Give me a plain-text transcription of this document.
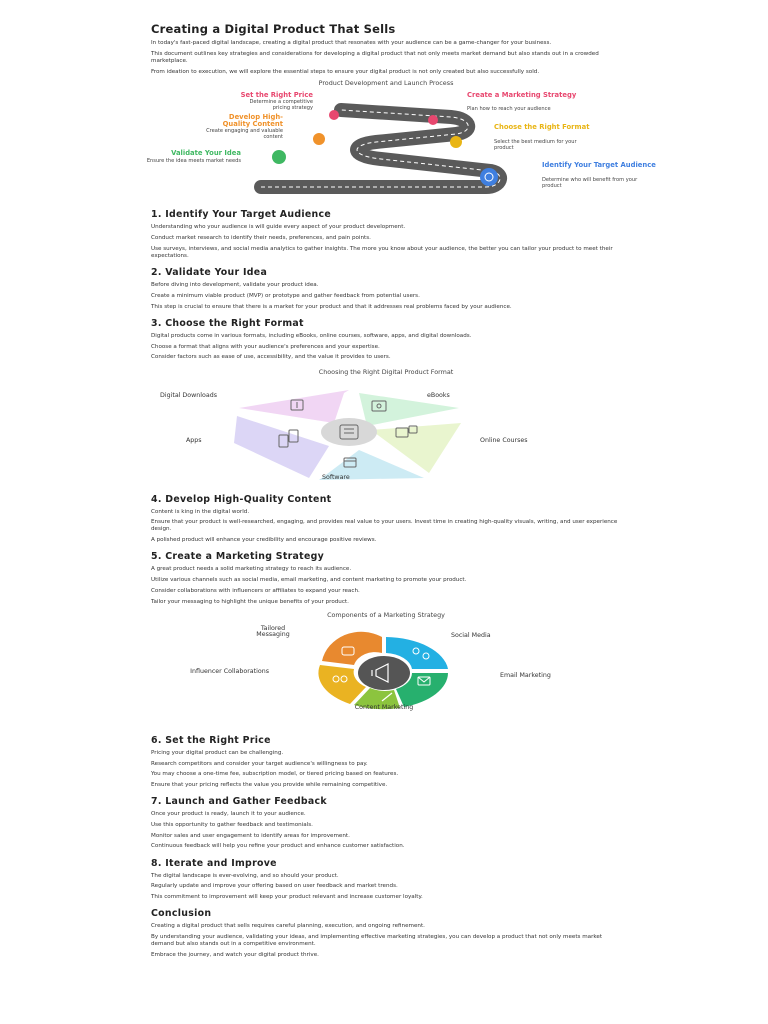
Creating a Digital Product That Sells

In today's fast-paced digital landscape, creating a digital product that resonates with your audience can be a game-changer for your business.

This document outlines key strategies and considerations for developing a digital product that not only meets market demand but also stands out in a crowded marketplace.

From ideation to execution, we will explore the essential steps to ensure your digital product is not only created but also successfully sold.

Product Development and Launch Process

Set the Right Price
Determine a competitive pricing strategy
Develop High-Quality Content
Create engaging and valuable content
Validate Your Idea
Ensure the idea meets market needs
Create a Marketing Strategy
Plan how to reach your audience
Choose the Right Format
Select the best medium for your product
Identify Your Target Audience
Determine who will benefit from your product
1. Identify Your Target Audience

Understanding who your audience is will guide every aspect of your product development.

Conduct market research to identify their needs, preferences, and pain points.

Use surveys, interviews, and social media analytics to gather insights. The more you know about your audience, the better you can tailor your product to meet their expectations.

2. Validate Your Idea

Before diving into development, validate your product idea.

Create a minimum viable product (MVP) or prototype and gather feedback from potential users.

This step is crucial to ensure that there is a market for your product and that it addresses real problems faced by your audience.

3. Choose the Right Format

Digital products come in various formats, including eBooks, online courses, software, apps, and digital downloads.

Choose a format that aligns with your audience's preferences and your expertise.

Consider factors such as ease of use, accessibility, and the value it provides to users.

Choosing the Right Digital Product Format

Digital Downloads	eBooks
Online Courses
Software
Apps
4. Develop High-Quality Content

Content is king in the digital world.

Ensure that your product is well-researched, engaging, and provides real value to your users. Invest time in creating high-quality visuals, writing, and user experience design.

A polished product will enhance your credibility and encourage positive reviews.

5. Create a Marketing Strategy

A great product needs a solid marketing strategy to reach its audience.

Utilize various channels such as social media, email marketing, and content marketing to promote your product.

Consider collaborations with influencers or affiliates to expand your reach.

Tailor your messaging to highlight the unique benefits of your product.

Components of a Marketing Strategy

Tailored Messaging	Social Media
Email Marketing
Content Marketing
Influencer Collaborations
6. Set the Right Price

Pricing your digital product can be challenging.

Research competitors and consider your target audience's willingness to pay.

You may choose a one-time fee, subscription model, or tiered pricing based on features.

Ensure that your pricing reflects the value you provide while remaining competitive.

7. Launch and Gather Feedback

Once your product is ready, launch it to your audience.

Use this opportunity to gather feedback and testimonials.

Monitor sales and user engagement to identify areas for improvement.

Continuous feedback will help you refine your product and enhance customer satisfaction.

8. Iterate and Improve

The digital landscape is ever-evolving, and so should your product.

Regularly update and improve your offering based on user feedback and market trends.

This commitment to improvement will keep your product relevant and increase customer loyalty.

Conclusion

Creating a digital product that sells requires careful planning, execution, and ongoing refinement.

By understanding your audience, validating your ideas, and implementing effective marketing strategies, you can develop a product that not only meets market demand but also stands out in a competitive environment.

Embrace the journey, and watch your digital product thrive.
